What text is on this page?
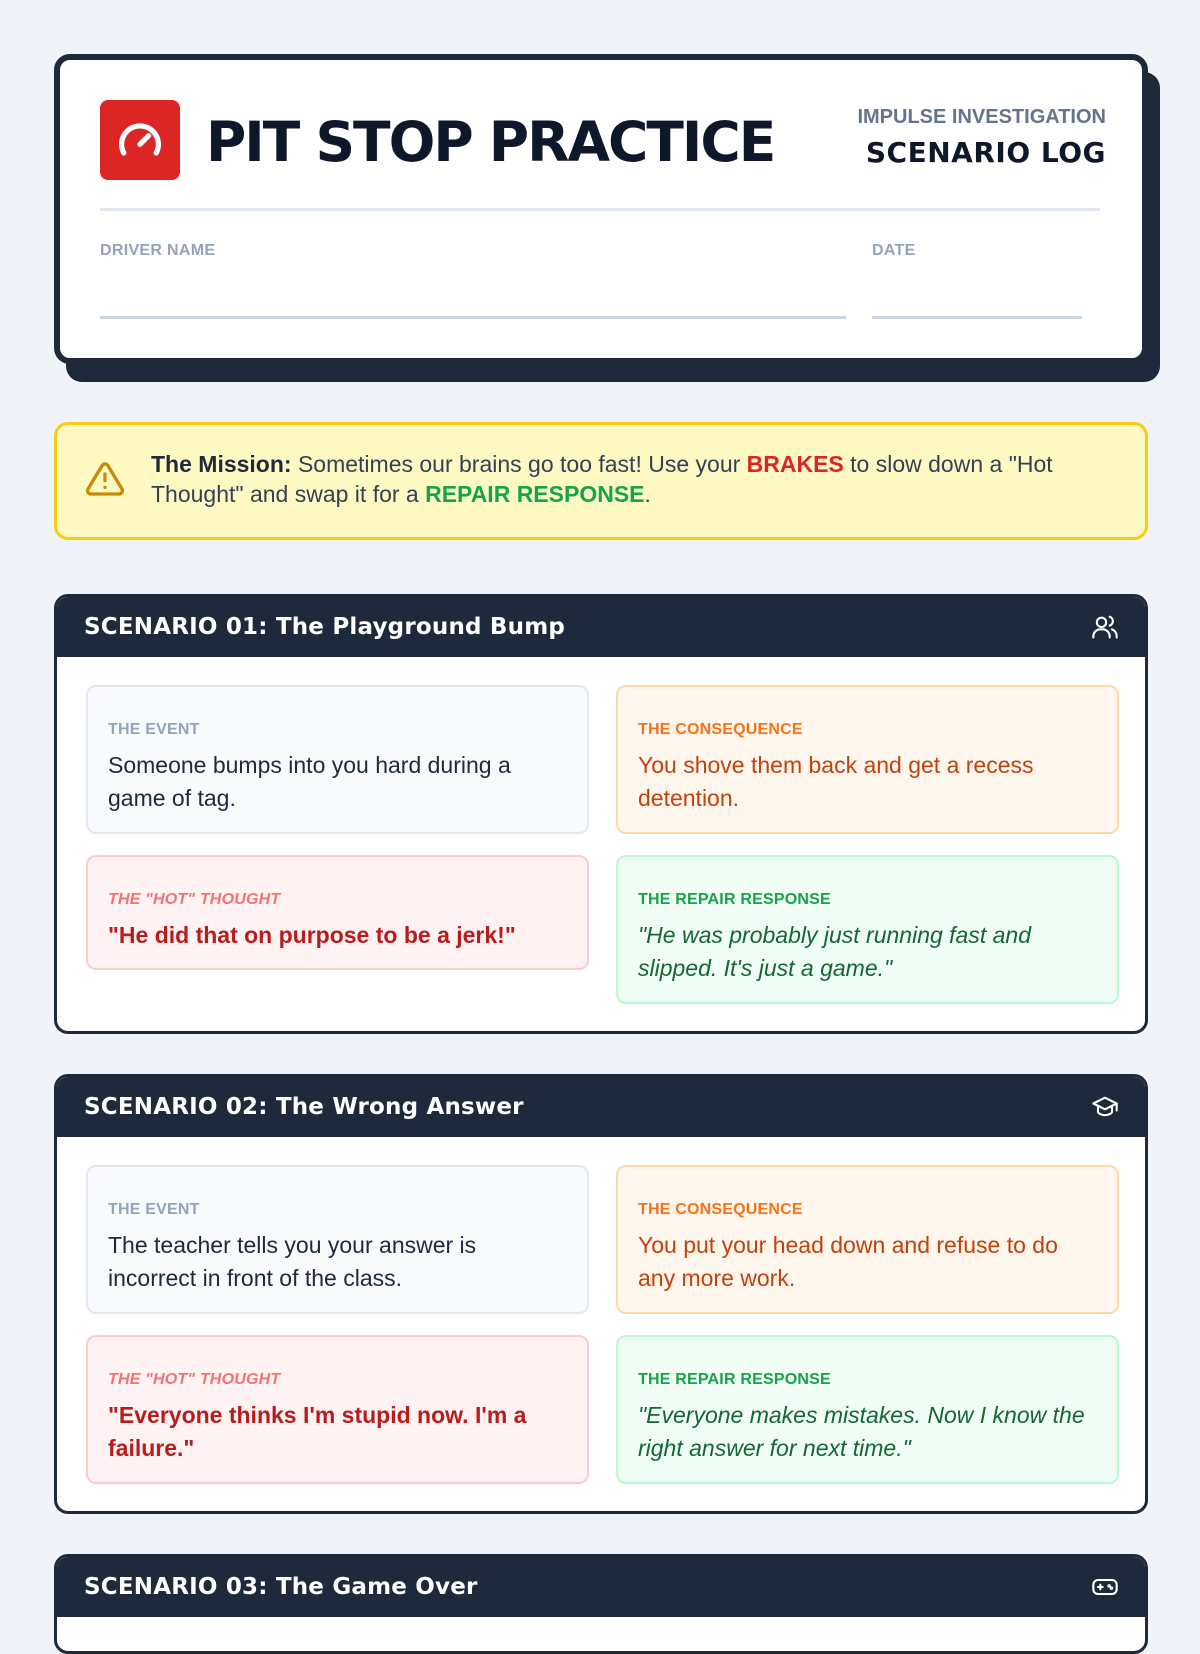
PIT STOP PRACTICE	IMPULSE INVESTIGATION
SCENARIO LOG
DRIVER NAME	DATE
The Mission: Sometimes our brains go too fast! Use your BRAKES to slow down a "Hot Thought" and swap it for a REPAIR RESPONSE.
SCENARIO 01: The Playground Bump
THE EVENT
Someone bumps into you hard during a game of tag.
THE CONSEQUENCE
You shove them back and get a recess detention.
THE "HOT" THOUGHT
"He did that on purpose to be a jerk!"
THE REPAIR RESPONSE
"He was probably just running fast and slipped. It's just a game."
SCENARIO 02: The Wrong Answer
THE EVENT
The teacher tells you your answer is incorrect in front of the class.
THE CONSEQUENCE
You put your head down and refuse to do any more work.
THE "HOT" THOUGHT
"Everyone thinks I'm stupid now. I'm a failure."
THE REPAIR RESPONSE
"Everyone makes mistakes. Now I know the right answer for next time."
SCENARIO 03: The Game Over
